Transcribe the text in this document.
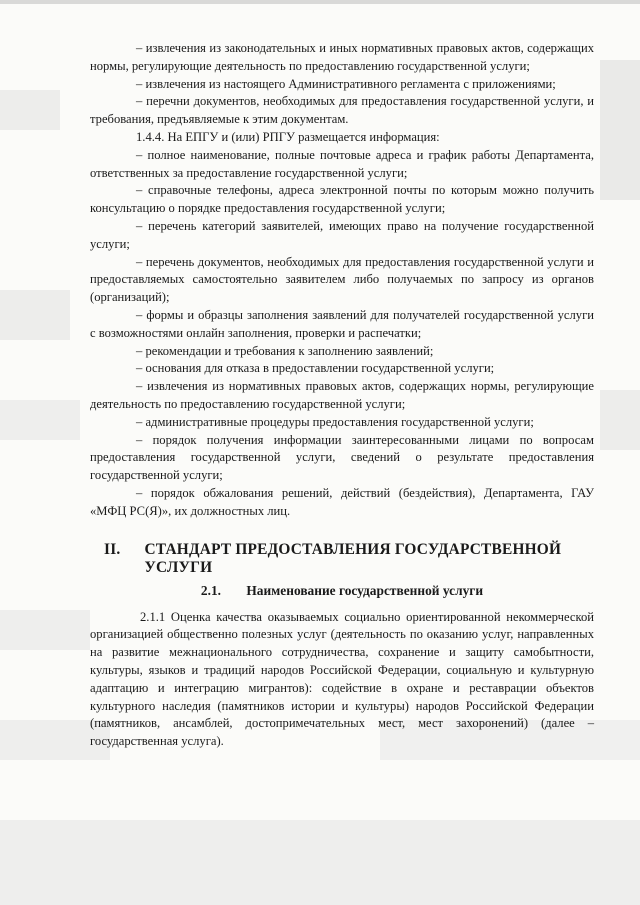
– извлечения из законодательных и иных нормативных правовых актов, содержащих нормы, регулирующие деятельность по предоставлению государственной услуги;

– извлечения из настоящего Административного регламента с приложениями;

– перечни документов, необходимых для предоставления государственной услуги, и требования, предъявляемые к этим документам.

1.4.4. На ЕПГУ и (или) РПГУ размещается информация:

– полное наименование, полные почтовые адреса и график работы Департамента, ответственных за предоставление государственной услуги;

– справочные телефоны, адреса электронной почты по которым можно получить консультацию о порядке предоставления государственной услуги;

– перечень категорий заявителей, имеющих право на получение государственной услуги;

– перечень документов, необходимых для предоставления государственной услуги и предоставляемых самостоятельно заявителем либо получаемых по запросу из органов (организаций);

– формы и образцы заполнения заявлений для получателей государственной услуги с возможностями онлайн заполнения, проверки и распечатки;

– рекомендации и требования к заполнению заявлений;

– основания для отказа в предоставлении государственной услуги;

– извлечения из нормативных правовых актов, содержащих нормы, регулирующие деятельность по предоставлению государственной услуги;

– административные процедуры предоставления государственной услуги;

– порядок получения информации заинтересованными лицами по вопросам предоставления государственной услуги, сведений о результате предоставления государственной услуги;

– порядок обжалования решений, действий (бездействия), Департамента, ГАУ «МФЦ РС(Я)», их должностных лиц.

II.	СТАНДАРТ ПРЕДОСТАВЛЕНИЯ ГОСУДАРСТВЕННОЙ УСЛУГИ
2.1. Наименование государственной услуги

2.1.1 Оценка качества оказываемых социально ориентированной некоммерческой организацией общественно полезных услуг (деятельность по оказанию услуг, направленных на развитие межнационального сотрудничества, сохранение и защиту самобытности, культуры, языков и традиций народов Российской Федерации, социальную и культурную адаптацию и интеграцию мигрантов): содействие в охране и реставрации объектов культурного наследия (памятников истории и культуры) народов Российской Федерации (памятников, ансамблей, достопримечательных мест, мест захоронений) (далее – государственная услуга).
